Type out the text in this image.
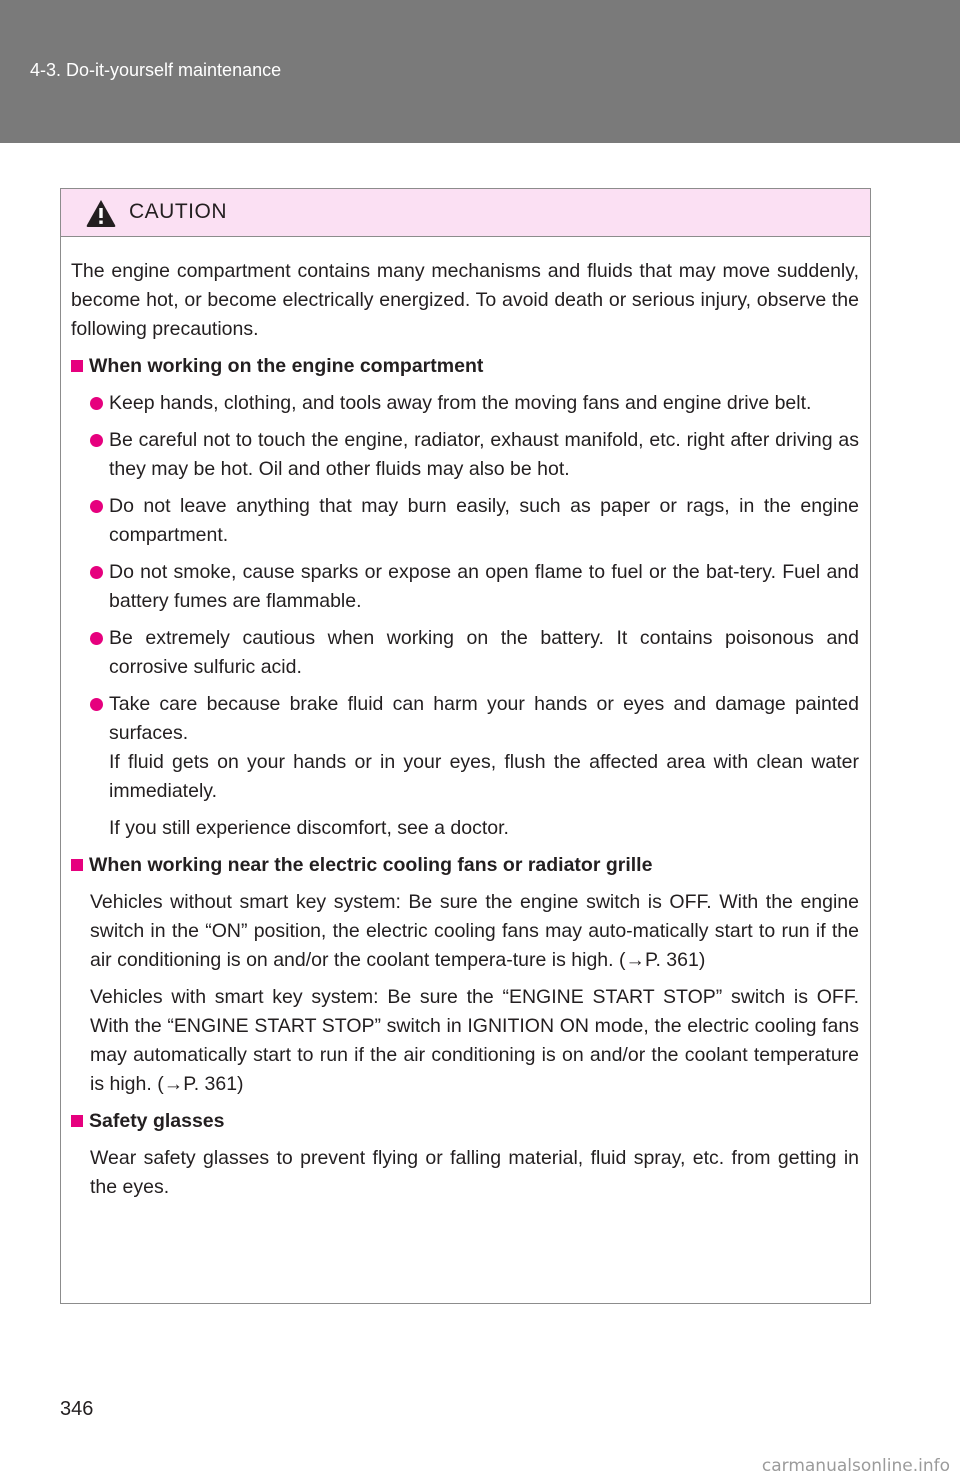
4-3. Do-it-yourself maintenance
CAUTION

The engine compartment contains many mechanisms and fluids that may move suddenly, become hot, or become electrically energized. To avoid death or serious injury, observe the following precautions.

When working on the engine compartment
Keep hands, clothing, and tools away from the moving fans and engine drive belt.
Be careful not to touch the engine, radiator, exhaust manifold, etc. right after driving as they may be hot. Oil and other fluids may also be hot.
Do not leave anything that may burn easily, such as paper or rags, in the engine compartment.
Do not smoke, cause sparks or expose an open flame to fuel or the bat-tery. Fuel and battery fumes are flammable.
Be extremely cautious when working on the battery. It contains poisonous and corrosive sulfuric acid.
Take care because brake fluid can harm your hands or eyes and damage painted surfaces.

If fluid gets on your hands or in your eyes, flush the affected area with clean water immediately.

If you still experience discomfort, see a doctor.

When working near the electric cooling fans or radiator grille

Vehicles without smart key system: Be sure the engine switch is OFF. With the engine switch in the “ON” position, the electric cooling fans may auto-matically start to run if the air conditioning is on and/or the coolant tempera-ture is high. (→P. 361)

Vehicles with smart key system: Be sure the “ENGINE START STOP” switch is OFF. With the “ENGINE START STOP” switch in IGNITION ON mode, the electric cooling fans may automatically start to run if the air conditioning is on and/or the coolant temperature is high. (→P. 361)

Safety glasses

Wear safety glasses to prevent flying or falling material, fluid spray, etc. from getting in the eyes.

346
carmanualsonline.info
